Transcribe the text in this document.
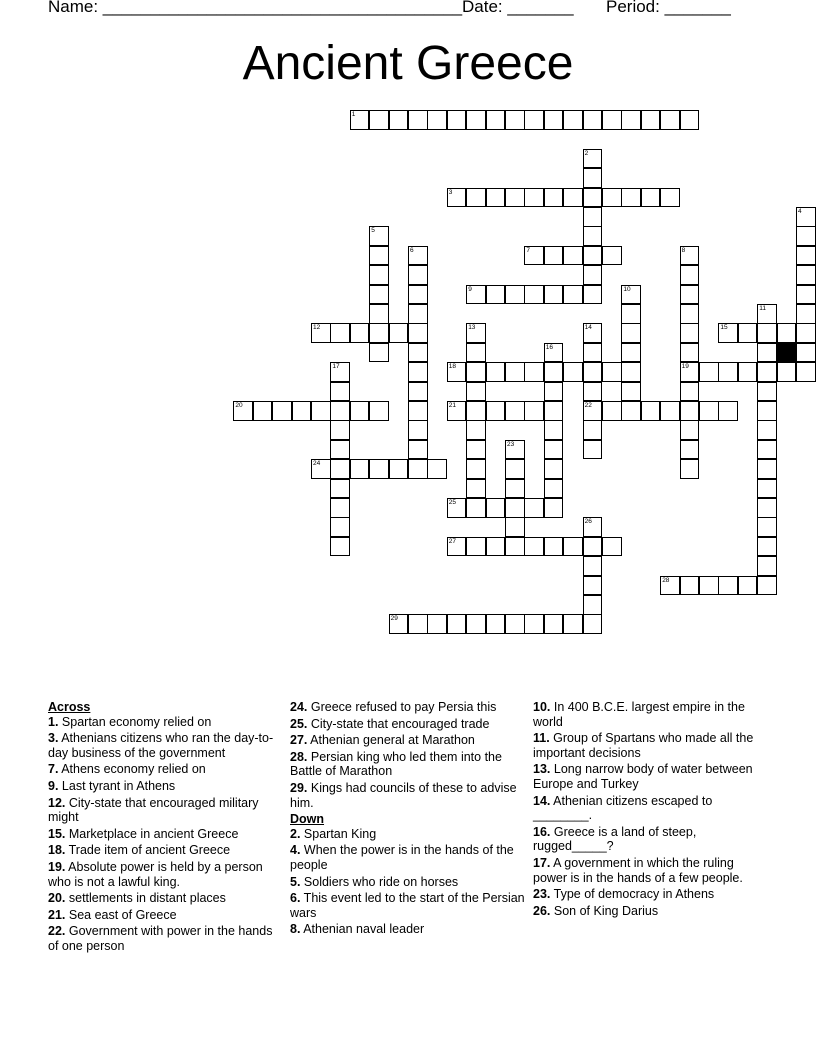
Name: ______________________________________ Date: _______ Period: _______
Ancient Greece
1
2
3
4
5
6	7	8
19
9	10
11
12	13	14
22
15
16
17	18
20	21
23
24
25
26
27
28
29
Across
1. Spartan economy relied on
3. Athenians citizens who ran the day-to-day business of the government
7. Athens economy relied on
9. Last tyrant in Athens
12. City-state that encouraged military might
15. Marketplace in ancient Greece
18. Trade item of ancient Greece
19. Absolute power is held by a person who is not a lawful king.
20. settlements in distant places
21. Sea east of Greece
22. Government with power in the hands of one person
24. Greece refused to pay Persia this
25. City-state that encouraged trade
27. Athenian general at Marathon
28. Persian king who led them into the Battle of Marathon
29. Kings had councils of these to advise him.
Down
2. Spartan King
4. When the power is in the hands of the people
5. Soldiers who ride on horses
6. This event led to the start of the Persian wars
8. Athenian naval leader
10. In 400 B.C.E. largest empire in the world
11. Group of Spartans who made all the important decisions
13. Long narrow body of water between Europe and Turkey
14. Athenian citizens escaped to ________.
16. Greece is a land of steep, rugged_____?
17. A government in which the ruling power is in the hands of a few people.
23. Type of democracy in Athens
26. Son of King Darius
